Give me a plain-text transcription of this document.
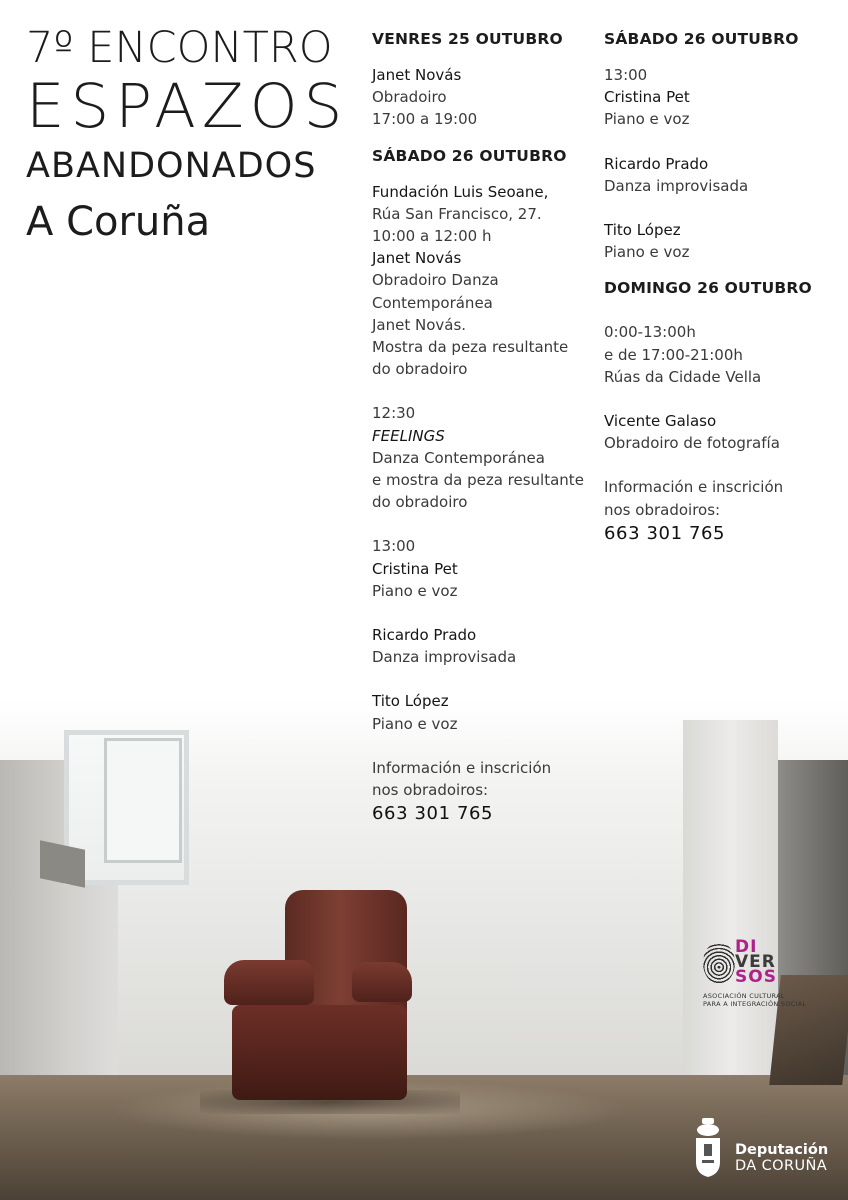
7º ENCONTRO
ESPAZOS
ABANDONADOS
A Coruña
VENRES 25 OUTUBRO
Janet Novás
Obradoiro
17:00 a 19:00
SÁBADO 26 OUTUBRO
Fundación Luis Seoane,
Rúa San Francisco, 27.
10:00 a 12:00 h
Janet Novás
Obradoiro Danza
Contemporánea
Janet Novás.
Mostra da peza resultante
do obradoiro
12:30
FEELINGS
Danza Contemporánea
e mostra da peza resultante
do obradoiro
13:00
Cristina Pet
Piano e voz
Ricardo Prado
Danza improvisada
Tito López
Piano e voz
Información e inscrición
nos obradoiros:
663 301 765
SÁBADO 26 OUTUBRO
13:00
Cristina Pet
Piano e voz
Ricardo Prado
Danza improvisada
Tito López
Piano e voz
DOMINGO 26 OUTUBRO
0:00-13:00h
e de 17:00-21:00h
Rúas da Cidade Vella
Vicente Galaso
Obradoiro de fotografía
Información e inscrición
nos obradoiros:
663 301 765
DI
VER
SOS
ASOCIACIÓN CULTURAL
PARA A INTEGRACIÓN SOCIAL
Deputación
DA CORUÑA
